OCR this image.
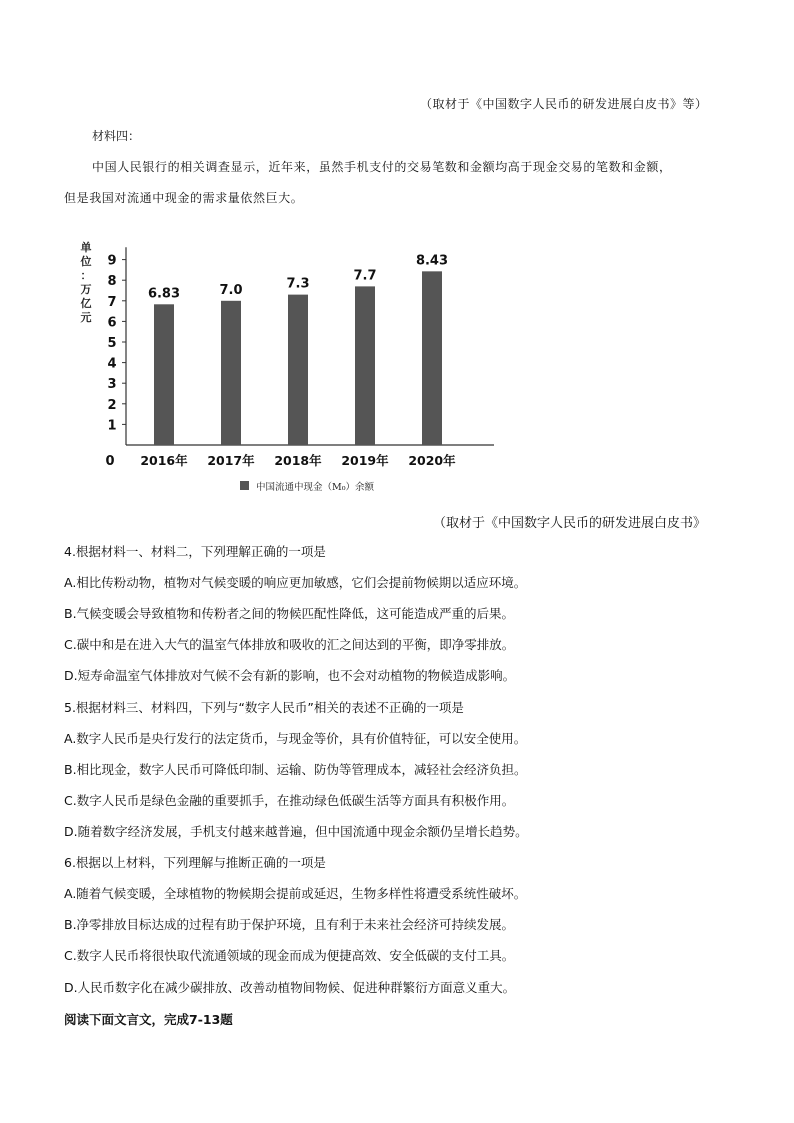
（取材于《中国数字人民币的研发进展白皮书》等）
材料四：
中国人民银行的相关调查显示，近年来，虽然手机支付的交易笔数和金额均高于现金交易的笔数和金额，
但是我国对流通中现金的需求量依然巨大。
单
位
：
万
亿
元
0
1
2
3
4
5
6
7
8
9
6.83
2016年
7.0
2017年
7.3
2018年
7.7
2019年
8.43
2020年
中国流通中现金（M₀）余额
（取材于《中国数字人民币的研发进展白皮书》
4.根据材料一、材料二，下列理解正确的一项是
A.相比传粉动物，植物对气候变暖的响应更加敏感，它们会提前物候期以适应环境。
B.气候变暖会导致植物和传粉者之间的物候匹配性降低，这可能造成严重的后果。
C.碳中和是在进入大气的温室气体排放和吸收的汇之间达到的平衡，即净零排放。
D.短寿命温室气体排放对气候不会有新的影响，也不会对动植物的物候造成影响。
5.根据材料三、材料四，下列与“数字人民币”相关的表述不正确的一项是
A.数字人民币是央行发行的法定货币，与现金等价，具有价值特征，可以安全使用。
B.相比现金，数字人民币可降低印制、运输、防伪等管理成本，减轻社会经济负担。
C.数字人民币是绿色金融的重要抓手，在推动绿色低碳生活等方面具有积极作用。
D.随着数字经济发展，手机支付越来越普遍，但中国流通中现金余额仍呈增长趋势。
6.根据以上材料，下列理解与推断正确的一项是
A.随着气候变暖，全球植物的物候期会提前或延迟，生物多样性将遭受系统性破坏。
B.净零排放目标达成的过程有助于保护环境，且有利于未来社会经济可持续发展。
C.数字人民币将很快取代流通领域的现金而成为便捷高效、安全低碳的支付工具。
D.人民币数字化在减少碳排放、改善动植物间物候、促进种群繁衍方面意义重大。
阅读下面文言文，完成7-13题
